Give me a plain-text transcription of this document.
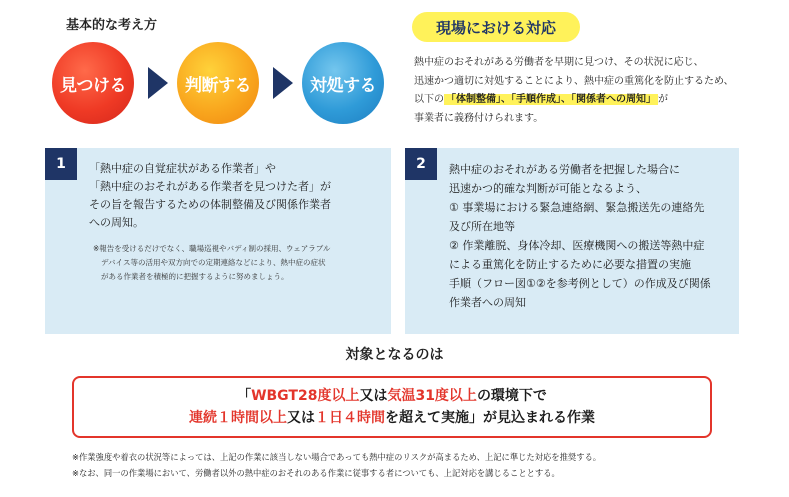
基本的な考え方
見つける	判断する	対処する
現場における対応
熱中症のおそれがある労働者を早期に見つけ、その状況に応じ、
迅速かつ適切に対処することにより、熱中症の重篤化を防止するため、
以下の 「体制整備」、「手順作成」、「関係者への周知」 が
事業者に義務付けられます。
1	「熱中症の自覚症状がある作業者」や
「熱中症のおそれがある作業者を見つけた者」が
その旨を報告するための体制整備及び関係作業者
への周知。
※報告を受けるだけでなく、職場巡視やバディ制の採用、ウェアラブル
デバイス等の活用や双方向での定期連絡などにより、熱中症の症状
がある作業者を積極的に把握するように努めましょう。
2	熱中症のおそれがある労働者を把握した場合に
迅速かつ的確な判断が可能となるよう、
① 事業場における緊急連絡網、緊急搬送先の連絡先
及び所在地等
② 作業離脱、身体冷却、医療機関への搬送等熱中症
による重篤化を防止するために必要な措置の実施
手順（フロー図①②を参考例として）の作成及び関係
作業者への周知
対象となるのは
「WBGT28度以上又は気温31度以上の環境下で
連続１時間以上又は１日４時間を超えて実施」が見込まれる作業
※作業強度や着衣の状況等によっては、上記の作業に該当しない場合であっても熱中症のリスクが高まるため、上記に準じた対応を推奨する。
※なお、同一の作業場において、労働者以外の熱中症のおそれのある作業に従事する者についても、上記対応を講じることとする。
